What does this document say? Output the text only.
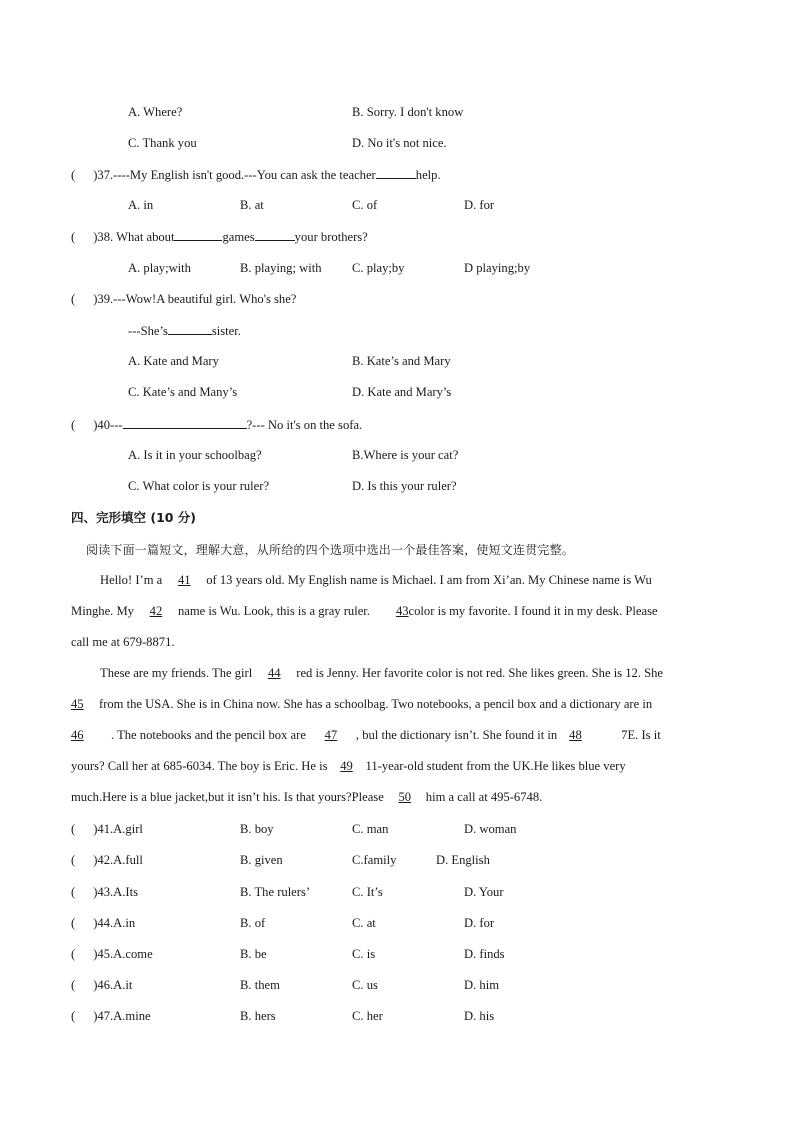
A. Where?	B. Sorry. I don't know
C. Thank you	D. No it's not nice.
( )37.----My English isn't good.---You can ask the teacher	help.
A. in	B. at	C. of	D. for
( )38. What about	games	your brothers?
A. play;with	B. playing; with C. play;by	D playing;by
( )39.---Wow!A beautiful girl. Who's she?
---She’s	sister.
A. Kate and Mary	B. Kate’s and Mary
C. Kate’s and Many’s	D. Kate and Mary’s
( )40---	?--- No it's on the sofa.
A. Is it in your schoolbag?	B.Where is your cat?
C. What color is your ruler?	D. Is this your ruler?
四、完形填空 (10 分)
阅读下面一篇短文，理解大意，从所给的四个选项中选出一个最佳答案，使短文连贯完整。
Hello! I’m a 41 of 13 years old. My English name is Michael. I am from Xi’an. My Chinese name is Wu
Minghe. My 42 name is Wu. Look, this is a gray ruler. 43color is my favorite. I found it in my desk. Please
call me at 679-8871.
These are my friends. The girl 44 red is Jenny. Her favorite color is not red. She likes green. She is 12. She
45 from the USA. She is in China now. She has a schoolbag. Two notebooks, a pencil box and a dictionary are in
46 . The notebooks and the pencil box are 47 , bul the dictionary isn’t. She found it in 48	7E. Is it
yours? Call her at 685-6034. The boy is Eric. He is 49 11-year-old student from the UK.He likes blue very
much.Here is a blue jacket,but it isn’t his. Is that yours?Please 50 him a call at 495-6748.
( )41.A.girl	B. boy	C. man	D. woman
( )42.A.full	B. given	C.family	D. English
( )43.A.Its	B. The rulers’	C. It’s	D. Your
( )44.A.in	B. of	C. at	D. for
( )45.A.come	B. be	C. is	D. finds
( )46.A.it	B. them	C. us	D. him
( )47.A.mine	B. hers	C. her	D. his
